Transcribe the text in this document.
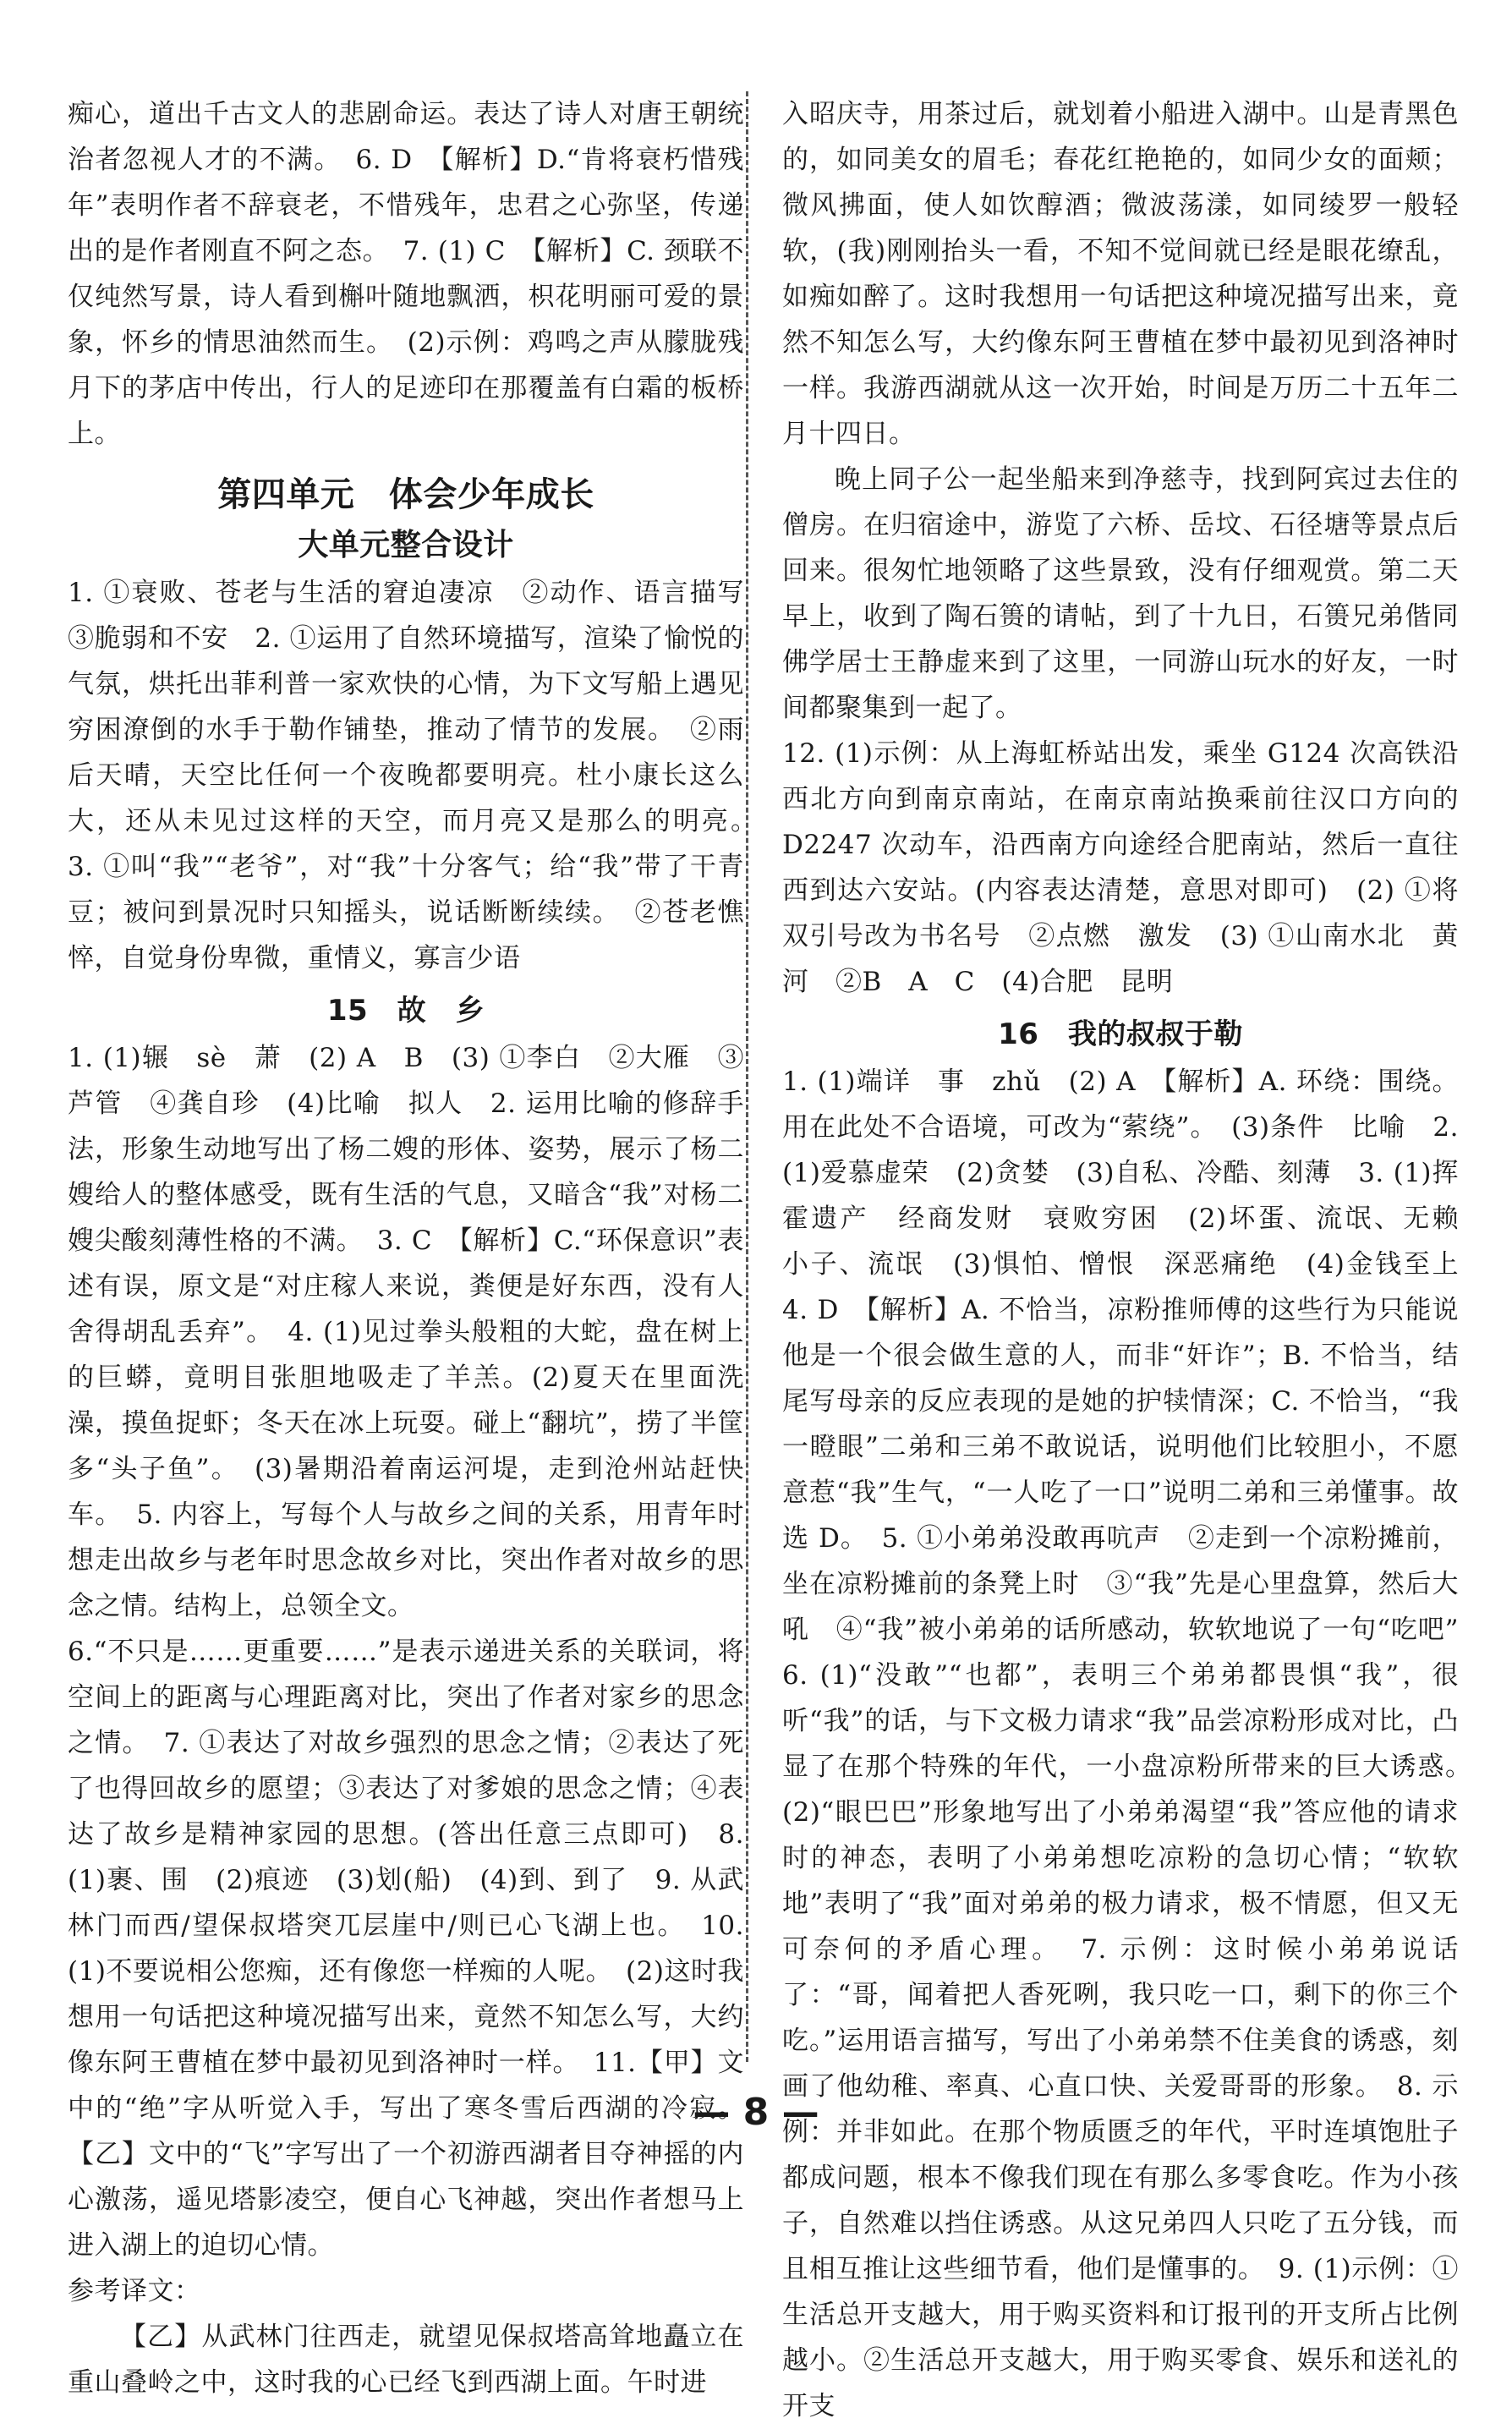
痴心，道出千古文人的悲剧命运。表达了诗人对唐王朝统治者忽视人才的不满。　6. D　【解析】D.“肯将衰朽惜残年”表明作者不辞衰老，不惜残年，忠君之心弥坚，传递出的是作者刚直不阿之态。　7. (1) C　【解析】C. 颈联不仅纯然写景，诗人看到槲叶随地飘洒，枳花明丽可爱的景象，怀乡的情思油然而生。　(2)示例：鸡鸣之声从朦胧残月下的茅店中传出，行人的足迹印在那覆盖有白霜的板桥上。

第四单元　体会少年成长
大单元整合设计

1. ①衰败、苍老与生活的窘迫凄凉　②动作、语言描写　③脆弱和不安　2. ①运用了自然环境描写，渲染了愉悦的气氛，烘托出菲利普一家欢快的心情，为下文写船上遇见穷困潦倒的水手于勒作铺垫，推动了情节的发展。　②雨后天晴，天空比任何一个夜晚都要明亮。杜小康长这么大，还从未见过这样的天空，而月亮又是那么的明亮。　3. ①叫“我”“老爷”，对“我”十分客气；给“我”带了干青豆；被问到景况时只知摇头，说话断断续续。　②苍老憔悴，自觉身份卑微，重情义，寡言少语

15　故　乡

1. (1)辗　sè　萧　(2) A　B　(3) ①李白　②大雁　③芦管　④龚自珍　(4)比喻　拟人　2. 运用比喻的修辞手法，形象生动地写出了杨二嫂的形体、姿势，展示了杨二嫂给人的整体感受，既有生活的气息，又暗含“我”对杨二嫂尖酸刻薄性格的不满。　3. C　【解析】C.“环保意识”表述有误，原文是“对庄稼人来说，粪便是好东西，没有人舍得胡乱丢弃”。　4. (1)见过拳头般粗的大蛇，盘在树上的巨蟒，竟明目张胆地吸走了羊羔。(2)夏天在里面洗澡，摸鱼捉虾；冬天在冰上玩耍。碰上“翻坑”，捞了半筐多“头子鱼”。　(3)暑期沿着南运河堤，走到沧州站赶快车。　5. 内容上，写每个人与故乡之间的关系，用青年时想走出故乡与老年时思念故乡对比，突出作者对故乡的思念之情。结构上，总领全文。

6.“不只是……更重要……”是表示递进关系的关联词，将空间上的距离与心理距离对比，突出了作者对家乡的思念之情。　7. ①表达了对故乡强烈的思念之情；②表达了死了也得回故乡的愿望；③表达了对爹娘的思念之情；④表达了故乡是精神家园的思想。(答出任意三点即可)　8. (1)裹、围　(2)痕迹　(3)划(船)　(4)到、到了　9. 从武林门而西/望保叔塔突兀层崖中/则已心飞湖上也。　10. (1)不要说相公您痴，还有像您一样痴的人呢。　(2)这时我想用一句话把这种境况描写出来，竟然不知怎么写，大约像东阿王曹植在梦中最初见到洛神时一样。　11.【甲】文中的“绝”字从听觉入手，写出了寒冬雪后西湖的冷寂。【乙】文中的“飞”字写出了一个初游西湖者目夺神摇的内心激荡，遥见塔影凌空，便自心飞神越，突出作者想马上进入湖上的迫切心情。

参考译文：

【乙】从武林门往西走，就望见保叔塔高耸地矗立在重山叠岭之中，这时我的心已经飞到西湖上面。午时进

入昭庆寺，用茶过后，就划着小船进入湖中。山是青黑色的，如同美女的眉毛；春花红艳艳的，如同少女的面颊；微风拂面，使人如饮醇酒；微波荡漾，如同绫罗一般轻软，(我)刚刚抬头一看，不知不觉间就已经是眼花缭乱，如痴如醉了。这时我想用一句话把这种境况描写出来，竟然不知怎么写，大约像东阿王曹植在梦中最初见到洛神时一样。我游西湖就从这一次开始，时间是万历二十五年二月十四日。

晚上同子公一起坐船来到净慈寺，找到阿宾过去住的僧房。在归宿途中，游览了六桥、岳坟、石径塘等景点后回来。很匆忙地领略了这些景致，没有仔细观赏。第二天早上，收到了陶石篑的请帖，到了十九日，石篑兄弟偕同佛学居士王静虚来到了这里，一同游山玩水的好友，一时间都聚集到一起了。

12. (1)示例：从上海虹桥站出发，乘坐 G124 次高铁沿西北方向到南京南站，在南京南站换乘前往汉口方向的 D2247 次动车，沿西南方向途经合肥南站，然后一直往西到达六安站。(内容表达清楚，意思对即可)　(2) ①将双引号改为书名号　②点燃　激发　(3) ①山南水北　黄河　②B　A　C　(4)合肥　昆明

16　我的叔叔于勒

1. (1)端详　事　zhǔ　(2) A　【解析】A. 环绕：围绕。用在此处不合语境，可改为“萦绕”。　(3)条件　比喻　2. (1)爱慕虚荣　(2)贪婪　(3)自私、冷酷、刻薄　3. (1)挥霍遗产　经商发财　衰败穷困　(2)坏蛋、流氓、无赖　小子、流氓　(3)惧怕、憎恨　深恶痛绝　(4)金钱至上　4. D　【解析】A. 不恰当，凉粉推师傅的这些行为只能说他是一个很会做生意的人，而非“奸诈”；B. 不恰当，结尾写母亲的反应表现的是她的护犊情深；C. 不恰当，“我一瞪眼”二弟和三弟不敢说话，说明他们比较胆小，不愿意惹“我”生气，“一人吃了一口”说明二弟和三弟懂事。故选 D。　5. ①小弟弟没敢再吭声　②走到一个凉粉摊前，坐在凉粉摊前的条凳上时　③“我”先是心里盘算，然后大吼　④“我”被小弟弟的话所感动，软软地说了一句“吃吧”　6. (1)“没敢”“也都”，表明三个弟弟都畏惧“我”，很听“我”的话，与下文极力请求“我”品尝凉粉形成对比，凸显了在那个特殊的年代，一小盘凉粉所带来的巨大诱惑。　(2)“眼巴巴”形象地写出了小弟弟渴望“我”答应他的请求时的神态，表明了小弟弟想吃凉粉的急切心情；“软软地”表明了“我”面对弟弟的极力请求，极不情愿，但又无可奈何的矛盾心理。　7. 示例：这时候小弟弟说话了：“哥，闻着把人香死咧，我只吃一口，剩下的你三个吃。”运用语言描写，写出了小弟弟禁不住美食的诱惑，刻画了他幼稚、率真、心直口快、关爱哥哥的形象。　8. 示例：并非如此。在那个物质匮乏的年代，平时连填饱肚子都成问题，根本不像我们现在有那么多零食吃。作为小孩子，自然难以挡住诱惑。从这兄弟四人只吃了五分钱，而且相互推让这些细节看，他们是懂事的。　9. (1)示例：①生活总开支越大，用于购买资料和订报刊的开支所占比例越小。②生活总开支越大，用于购买零食、娱乐和送礼的开支

— 8 —
